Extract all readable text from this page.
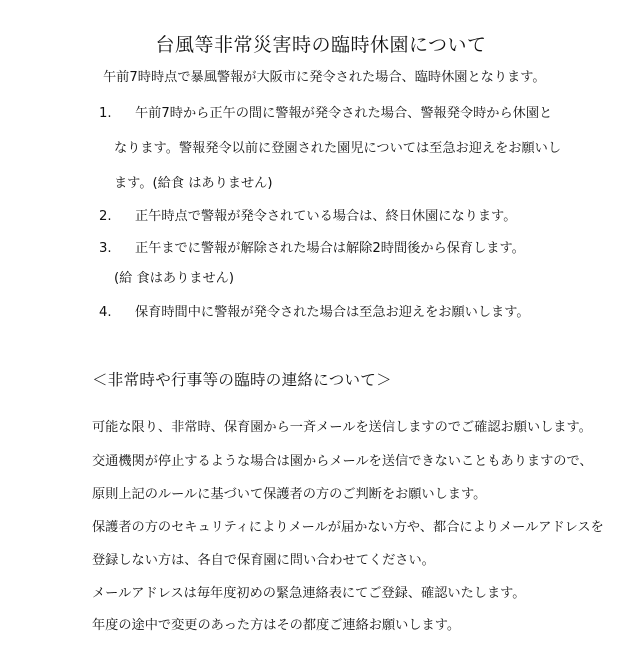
台風等非常災害時の臨時休園について
午前7時時点で暴風警報が大阪市に発令された場合、臨時休園となります。
1. 午前7時から正午の間に警報が発令された場合、警報発令時から休園と
なります。警報発令以前に登園された園児については至急お迎えをお願いし
ます。(給食 はありません)
2. 正午時点で警報が発令されている場合は、終日休園になります。
3. 正午までに警報が解除された場合は解除2時間後から保育します。
(給 食はありません)
4. 保育時間中に警報が発令された場合は至急お迎えをお願いします。
＜非常時や行事等の臨時の連絡について＞
可能な限り、非常時、保育園から一斉メールを送信しますのでご確認お願いします。
交通機関が停止するような場合は園からメールを送信できないこともありますので、
原則上記のルールに基づいて保護者の方のご判断をお願いします。
保護者の方のセキュリティによりメールが届かない方や、都合によりメールアドレスを
登録しない方は、各自で保育園に問い合わせてください。
メールアドレスは毎年度初めの緊急連絡表にてご登録、確認いたします。
年度の途中で変更のあった方はその都度ご連絡お願いします。
